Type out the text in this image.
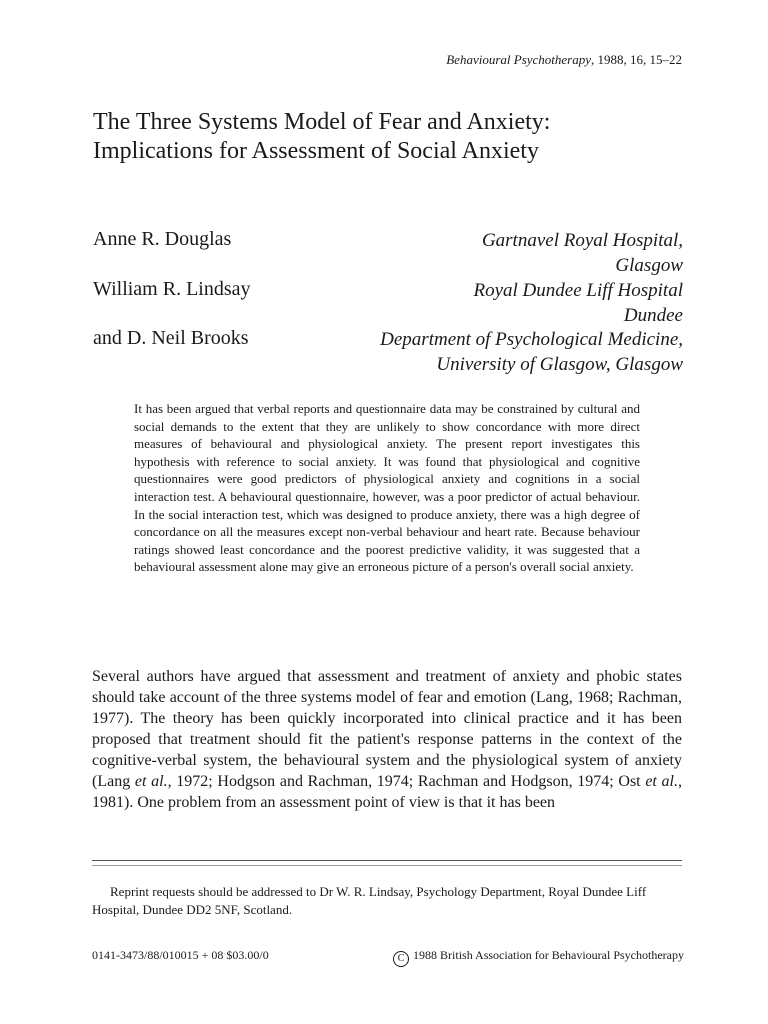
Behavioural Psychotherapy, 1988, 16, 15–22
The Three Systems Model of Fear and Anxiety: Implications for Assessment of Social Anxiety
Anne R. Douglas	Gartnavel Royal Hospital,
Glasgow
William R. Lindsay	Royal Dundee Liff Hospital
Dundee
and D. Neil Brooks	Department of Psychological Medicine,
University of Glasgow, Glasgow

It has been argued that verbal reports and questionnaire data may be constrained by cultural and social demands to the extent that they are unlikely to show concordance with more direct measures of behavioural and physiological anxiety. The present report investigates this hypothesis with reference to social anxiety. It was found that physiological and cognitive questionnaires were good predictors of physiological anxiety and cognitions in a social interaction test. A behavioural questionnaire, however, was a poor predictor of actual behaviour. In the social interaction test, which was designed to produce anxiety, there was a high degree of concordance on all the measures except non-verbal behaviour and heart rate. Because behaviour ratings showed least concordance and the poorest predictive validity, it was suggested that a behavioural assessment alone may give an erroneous picture of a person's overall social anxiety.

Several authors have argued that assessment and treatment of anxiety and phobic states should take account of the three systems model of fear and emotion (Lang, 1968; Rachman, 1977). The theory has been quickly incorporated into clinical practice and it has been proposed that treatment should fit the patient's response patterns in the context of the cognitive-verbal system, the behavioural system and the physiological system of anxiety (Lang et al., 1972; Hodgson and Rachman, 1974; Rachman and Hodgson, 1974; Ost et al., 1981). One problem from an assessment point of view is that it has been

Reprint requests should be addressed to Dr W. R. Lindsay, Psychology Department, Royal Dundee Liff Hospital, Dundee DD2 5NF, Scotland.

0141-3473/88/010015 + 08 $03.00/0	C 1988 British Association for Behavioural Psychotherapy
